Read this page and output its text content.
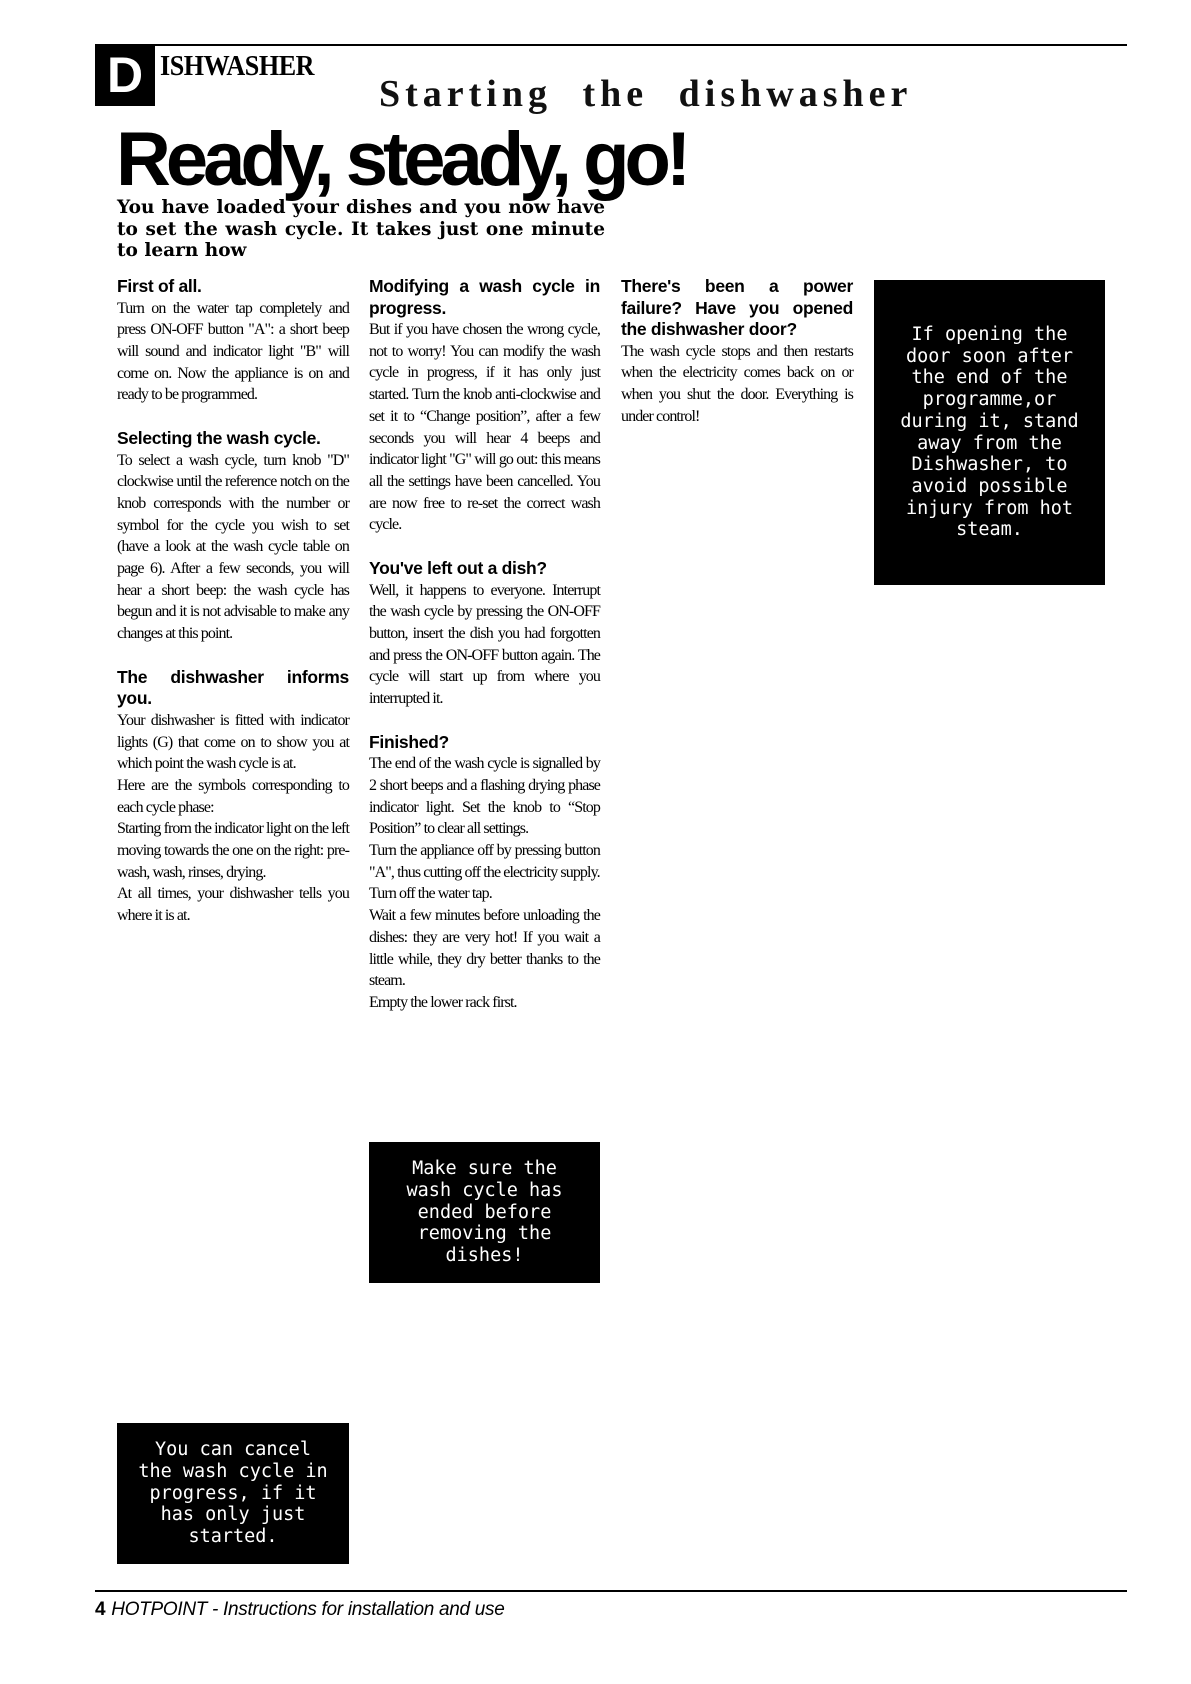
D ISHWASHER
Starting the dishwasher
Ready, steady, go!
You have loaded your dishes and you now have to set the wash cycle. It takes just one minute to learn how
First of all.
Turn on the water tap completely and press ON-OFF button "A": a short beep will sound and indicator light "B" will come on. Now the appliance is on and ready to be programmed.
Selecting the wash cycle.
To select a wash cycle, turn knob "D" clockwise until the reference notch on the knob corresponds with the number or symbol for the cycle you wish to set (have a look at the wash cycle table on page 6). After a few seconds, you will hear a short beep: the wash cycle has begun and it is not advisable to make any changes at this point.
The dishwasher informs you.
Your dishwasher is fitted with indicator lights (G) that come on to show you at which point the wash cycle is at.
Here are the symbols corresponding to each cycle phase:
Starting from the indicator light on the left moving towards the one on the right: pre-wash, wash, rinses, drying.
At all times, your dishwasher tells you where it is at.
Modifying a wash cycle in progress.
But if you have chosen the wrong cycle, not to worry! You can modify the wash cycle in progress, if it has only just started. Turn the knob anti-clockwise and set it to “Change position”, after a few seconds you will hear 4 beeps and indicator light "G" will go out: this means all the settings have been cancelled. You are now free to re-set the correct wash cycle.
You've left out a dish?
Well, it happens to everyone. Interrupt the wash cycle by pressing the ON-OFF button, insert the dish you had forgotten and press the ON-OFF button again. The cycle will start up from where you interrupted it.
Finished?
The end of the wash cycle is signalled by 2 short beeps and a flashing drying phase indicator light. Set the knob to “Stop Position” to clear all settings.
Turn the appliance off by pressing button "A", thus cutting off the electricity supply.
Turn off the water tap.
Wait a few minutes before unloading the dishes: they are very hot! If you wait a little while, they dry better thanks to the steam.
Empty the lower rack first.
There's been a power failure? Have you opened the dishwasher door?
The wash cycle stops and then restarts when the electricity comes back on or when you shut the door. Everything is under control!
If opening the door soon after the end of the programme,or during it, stand away from the Dishwasher, to avoid possible injury from hot steam.
Make sure the wash cycle has ended before removing the dishes!
You can cancel the wash cycle in progress, if it has only just started.
4 HOTPOINT - Instructions for installation and use
